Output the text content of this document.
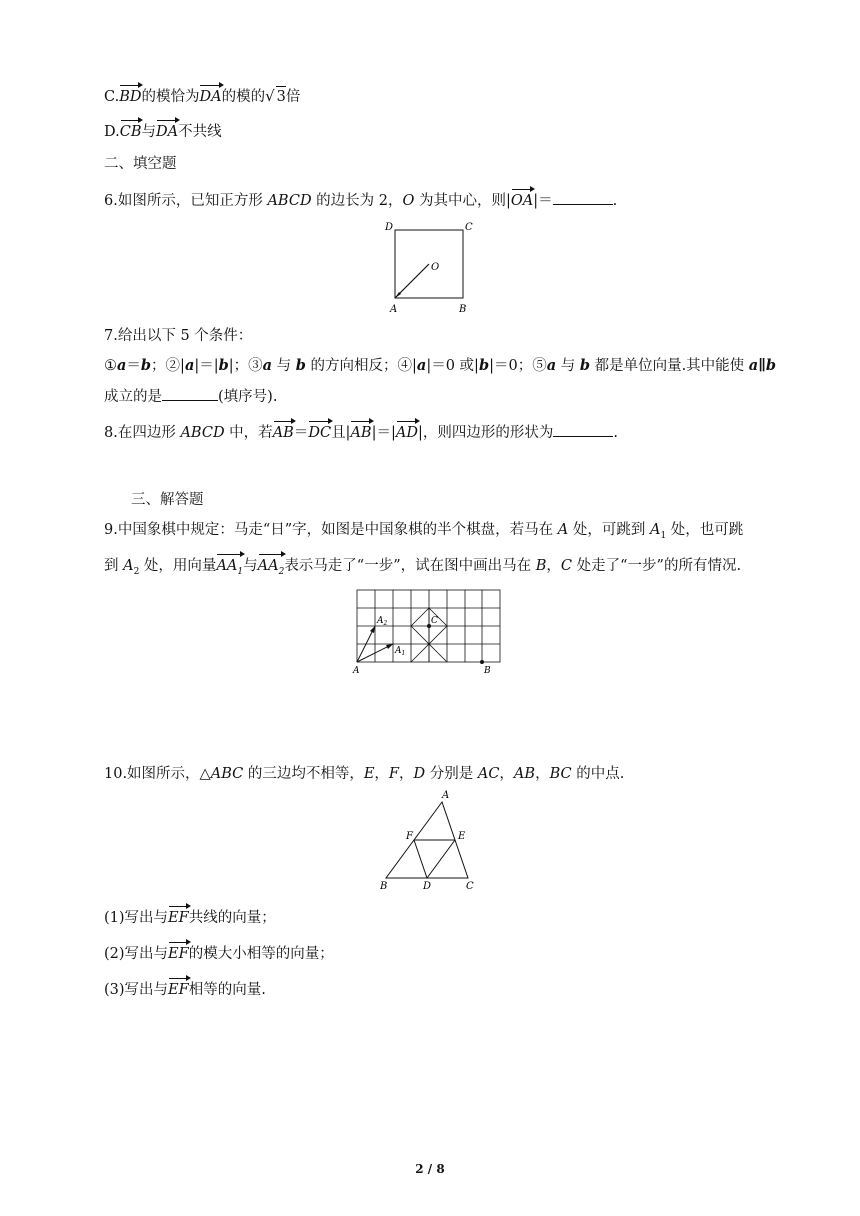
C.BD的模恰为DA的模的√ 3倍
D.CB与DA不共线
二、填空题
6.如图所示，已知正方形 ABCD 的边长为 2，O 为其中心，则|OA|＝	.
D	C
O
A	B
7.给出以下 5 个条件：
①a＝b；②|a|＝|b|；③a 与 b 的方向相反；④|a|＝0 或|b|＝0；⑤a 与 b 都是单位向量.其中能使 a∥b
成立的是	(填序号).
8.在四边形 ABCD 中，若AB＝DC且|AB|＝|AD|，则四边形的形状为	.
三、解答题
9.中国象棋中规定：马走“日”字，如图是中国象棋的半个棋盘，若马在 A 处，可跳到 $A_1$ 处，也可跳
到 $A_2$ 处，用向量$AA_1$与$AA_2$表示马走了“一步”，试在图中画出马在 B，C 处走了“一步”的所有情况.
A	B
C
$A_2$
$A_1$
10.如图所示，△ABC 的三边均不相等，E，F，D 分别是 AC，AB，BC 的中点.
A
B	C
D
E
F
(1)写出与EF共线的向量；
(2)写出与EF的模大小相等的向量；
(3)写出与EF相等的向量.
2 / 8
